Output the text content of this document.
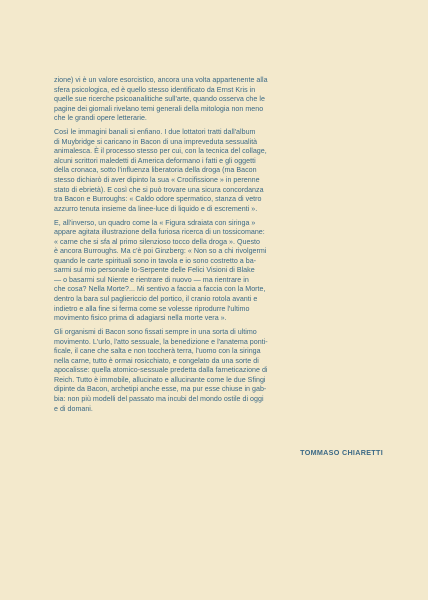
zione) vi è un valore esorcistico, ancora una volta appartenente alla
sfera psicologica, ed è quello stesso identificato da Ernst Kris in
quelle sue ricerche psicoanalitiche sull'arte, quando osserva che le
pagine dei giornali rivelano temi generali della mitologia non meno
che le grandi opere letterarie.
Così le immagini banali si enfiano. I due lottatori tratti dall'album
di Muybridge si caricano in Bacon di una impreveduta sessualità
animalesca. È il processo stesso per cui, con la tecnica del collage,
alcuni scrittori maledetti di America deformano i fatti e gli oggetti
della cronaca, sotto l'influenza liberatoria della droga (ma Bacon
stesso dichiarò di aver dipinto la sua « Crocifissione » in perenne
stato di ebrietà). E così che si può trovare una sicura concordanza
tra Bacon e Burroughs: « Caldo odore spermatico, stanza di vetro
azzurro tenuta insieme da linee-luce di liquido e di escrementi ».
E, all'inverso, un quadro come la « Figura sdraiata con siringa »
appare agitata illustrazione della furiosa ricerca di un tossicomane:
« carne che si sfa al primo silenzioso tocco della droga ». Questo
è ancora Burroughs. Ma c'è poi Ginzberg: « Non so a chi rivolgermi
quando le carte spirituali sono in tavola e io sono costretto a ba-
sarmi sul mio personale Io-Serpente delle Felici Visioni di Blake
— o basarmi sul Niente e rientrare di nuovo — ma rientrare in
che cosa? Nella Morte?... Mi sentivo a faccia a faccia con la Morte,
dentro la bara sul pagliericcio del portico, il cranio rotola avanti e
indietro e alla fine si ferma come se volesse riprodurre l'ultimo
movimento fisico prima di adagiarsi nella morte vera ».
Gli organismi di Bacon sono fissati sempre in una sorta di ultimo
movimento. L'urlo, l'atto sessuale, la benedizione e l'anatema ponti-
ficale, il cane che salta e non toccherà terra, l'uomo con la siringa
nella carne, tutto è ormai rosicchiato, e congelato da una sorte di
apocalisse: quella atomico-sessuale predetta dalla farneticazione di
Reich. Tutto è immobile, allucinato e allucinante come le due Sfingi
dipinte da Bacon, archetipi anche esse, ma pur esse chiuse in gab-
bia: non più modelli del passato ma incubi del mondo ostile di oggi
e di domani.
TOMMASO CHIARETTI
